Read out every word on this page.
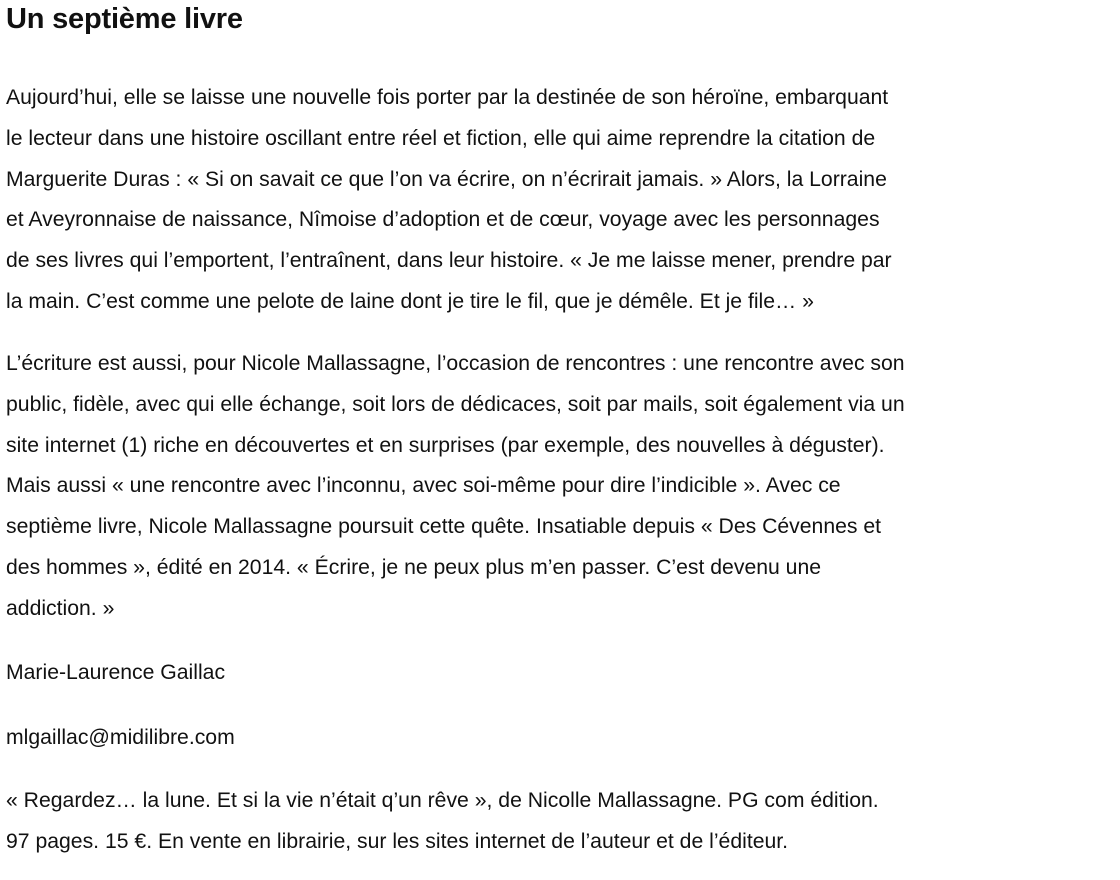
Un septième livre

Aujourd’hui, elle se laisse une nouvelle fois porter par la destinée de son héroïne, embarquant
le lecteur dans une histoire oscillant entre réel et fiction, elle qui aime reprendre la citation de
Marguerite Duras : « Si on savait ce que l’on va écrire, on n’écrirait jamais. » Alors, la Lorraine
et Aveyronnaise de naissance, Nîmoise d’adoption et de cœur, voyage avec les personnages
de ses livres qui l’emportent, l’entraînent, dans leur histoire. « Je me laisse mener, prendre par
la main. C’est comme une pelote de laine dont je tire le fil, que je démêle. Et je file… »

L’écriture est aussi, pour Nicole Mallassagne, l’occasion de rencontres : une rencontre avec son
public, fidèle, avec qui elle échange, soit lors de dédicaces, soit par mails, soit également via un
site internet (1) riche en découvertes et en surprises (par exemple, des nouvelles à déguster).
Mais aussi « une rencontre avec l’inconnu, avec soi-même pour dire l’indicible ». Avec ce
septième livre, Nicole Mallassagne poursuit cette quête. Insatiable depuis « Des Cévennes et
des hommes », édité en 2014. « Écrire, je ne peux plus m’en passer. C’est devenu une
addiction. »

Marie-Laurence Gaillac

mlgaillac@midilibre.com

« Regardez… la lune. Et si la vie n’était q’un rêve », de Nicolle Mallassagne. PG com édition.
97 pages. 15 €. En vente en librairie, sur les sites internet de l’auteur et de l’éditeur.
